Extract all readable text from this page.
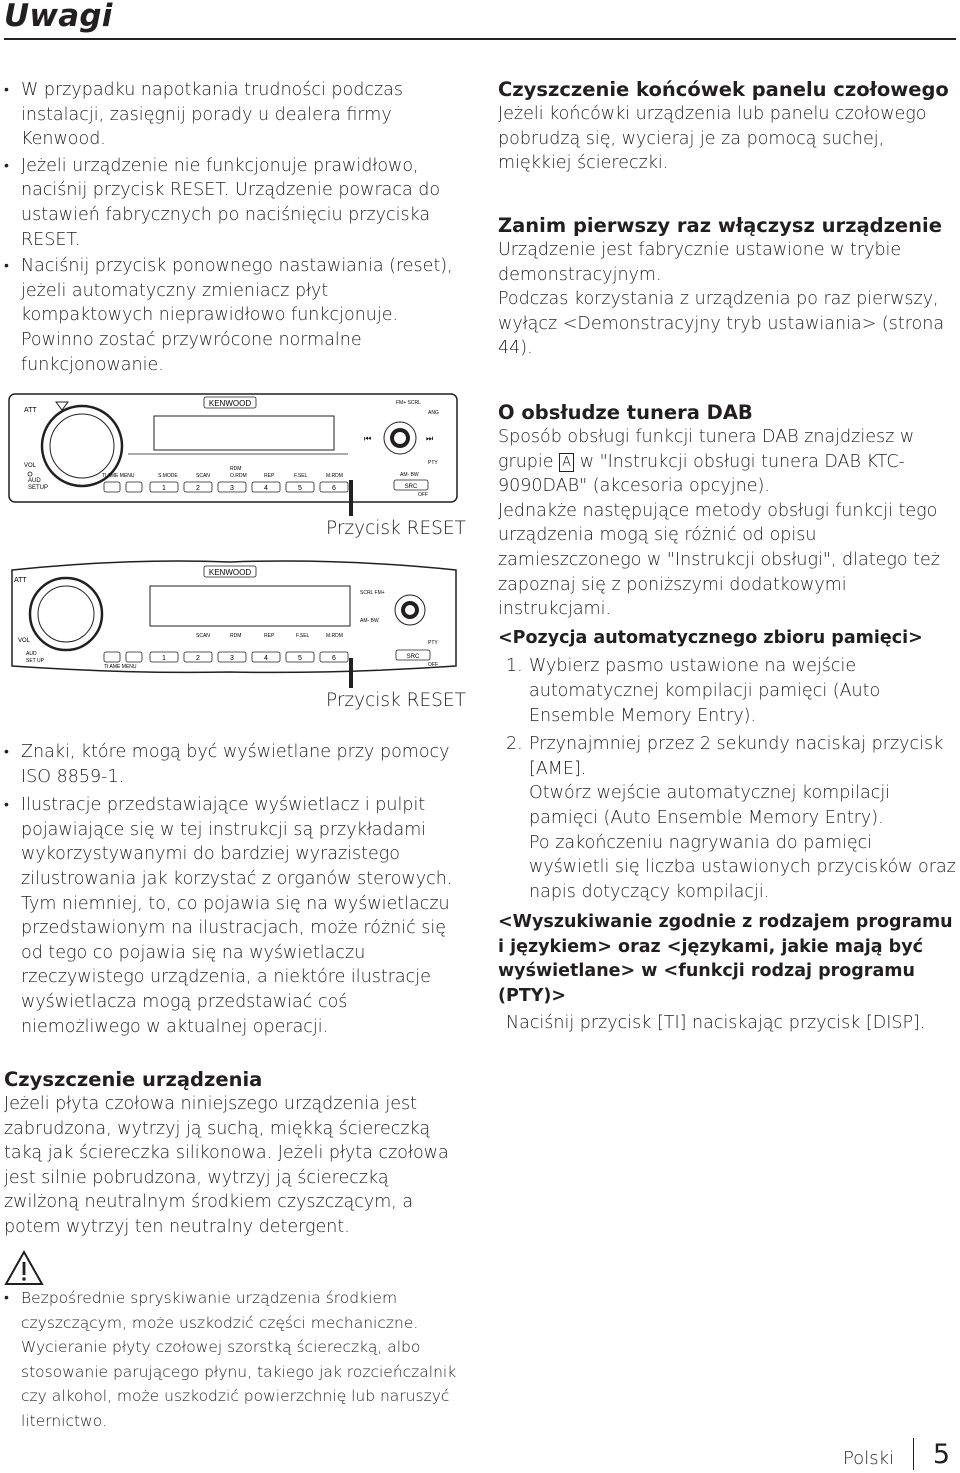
Uwagi
• W przypadku napotkania trudności podczas instalacji, zasięgnij porady u dealera firmy Kenwood.
• Jeżeli urządzenie nie funkcjonuje prawidłowo, naciśnij przycisk RESET. Urządzenie powraca do ustawień fabrycznych po naciśnięciu przyciska RESET.
• Naciśnij przycisk ponownego nastawiania (reset), jeżeli automatyczny zmieniacz płyt kompaktowych nieprawidłowo funkcjonuje. Powinno zostać przywrócone normalne funkcjonowanie.
ATT
VOL
AUD
SETUP
KENWOOD	FM+ SCRL
ANG
⏮	⏭
PTY
AM- BW
SRC
OFF
TI AME MENU	S.MODE	SCAN
RDM
O.RDM	REP	F.SEL	M.RDM
1	2	3	4	5	6
Przycisk RESET
ATT
VOL
AUD
SET UP
KENWOOD
SCRL FM+
AM- BW
PTY
SRC
OFF
SCAN	RDM	REP	F.SEL	M.RDM
TI AME MENU
1	2	3	4	5	6
Przycisk RESET
• Znaki, które mogą być wyświetlane przy pomocy ISO 8859-1.
• Ilustracje przedstawiające wyświetlacz i pulpit pojawiające się w tej instrukcji są przykładami wykorzystywanymi do bardziej wyrazistego zilustrowania jak korzystać z organów sterowych. Tym niemniej, to, co pojawia się na wyświetlaczu przedstawionym na ilustracjach, może różnić się od tego co pojawia się na wyświetlaczu rzeczywistego urządzenia, a niektóre ilustracje wyświetlacza mogą przedstawiać coś niemożliwego w aktualnej operacji.
Czyszczenie urządzenia

Jeżeli płyta czołowa niniejszego urządzenia jest zabrudzona, wytrzyj ją suchą, miękką ściereczką taką jak ściereczka silikonowa. Jeżeli płyta czołowa jest silnie pobrudzona, wytrzyj ją ściereczką zwilżoną neutralnym środkiem czyszczącym, a potem wytrzyj ten neutralny detergent.

• Bezpośrednie spryskiwanie urządzenia środkiem czyszczącym, może uszkodzić części mechaniczne. Wycieranie płyty czołowej szorstką ściereczką, albo stosowanie parującego płynu, takiego jak rozcieńczalnik czy alkohol, może uszkodzić powierzchnię lub naruszyć liternictwo.
Czyszczenie końcówek panelu czołowego

Jeżeli końcówki urządzenia lub panelu czołowego pobrudzą się, wycieraj je za pomocą suchej, miękkiej ściereczki.

Zanim pierwszy raz włączysz urządzenie

Urządzenie jest fabrycznie ustawione w trybie demonstracyjnym.

Podczas korzystania z urządzenia po raz pierwszy, wyłącz <Demonstracyjny tryb ustawiania> (strona 44).

O obsłudze tunera DAB

Sposób obsługi funkcji tunera DAB znajdziesz w grupie A w "Instrukcji obsługi tunera DAB KTC-9090DAB" (akcesoria opcyjne).

Jednakże następujące metody obsługi funkcji tego urządzenia mogą się różnić od opisu zamieszczonego w "Instrukcji obsługi", dlatego też zapoznaj się z poniższymi dodatkowymi instrukcjami.

<Pozycja automatycznego zbioru pamięci>
1. Wybierz pasmo ustawione na wejście automatycznej kompilacji pamięci (Auto Ensemble Memory Entry).
2. Przynajmniej przez 2 sekundy naciskaj przycisk [AME].

Otwórz wejście automatycznej kompilacji pamięci (Auto Ensemble Memory Entry).

Po zakończeniu nagrywania do pamięci wyświetli się liczba ustawionych przycisków oraz napis dotyczący kompilacji.

<Wyszukiwanie zgodnie z rodzajem programu i językiem> oraz <językami, jakie mają być wyświetlane> w <funkcji rodzaj programu (PTY)>

Naciśnij przycisk [TI] naciskając przycisk [DISP].

Polski 5
